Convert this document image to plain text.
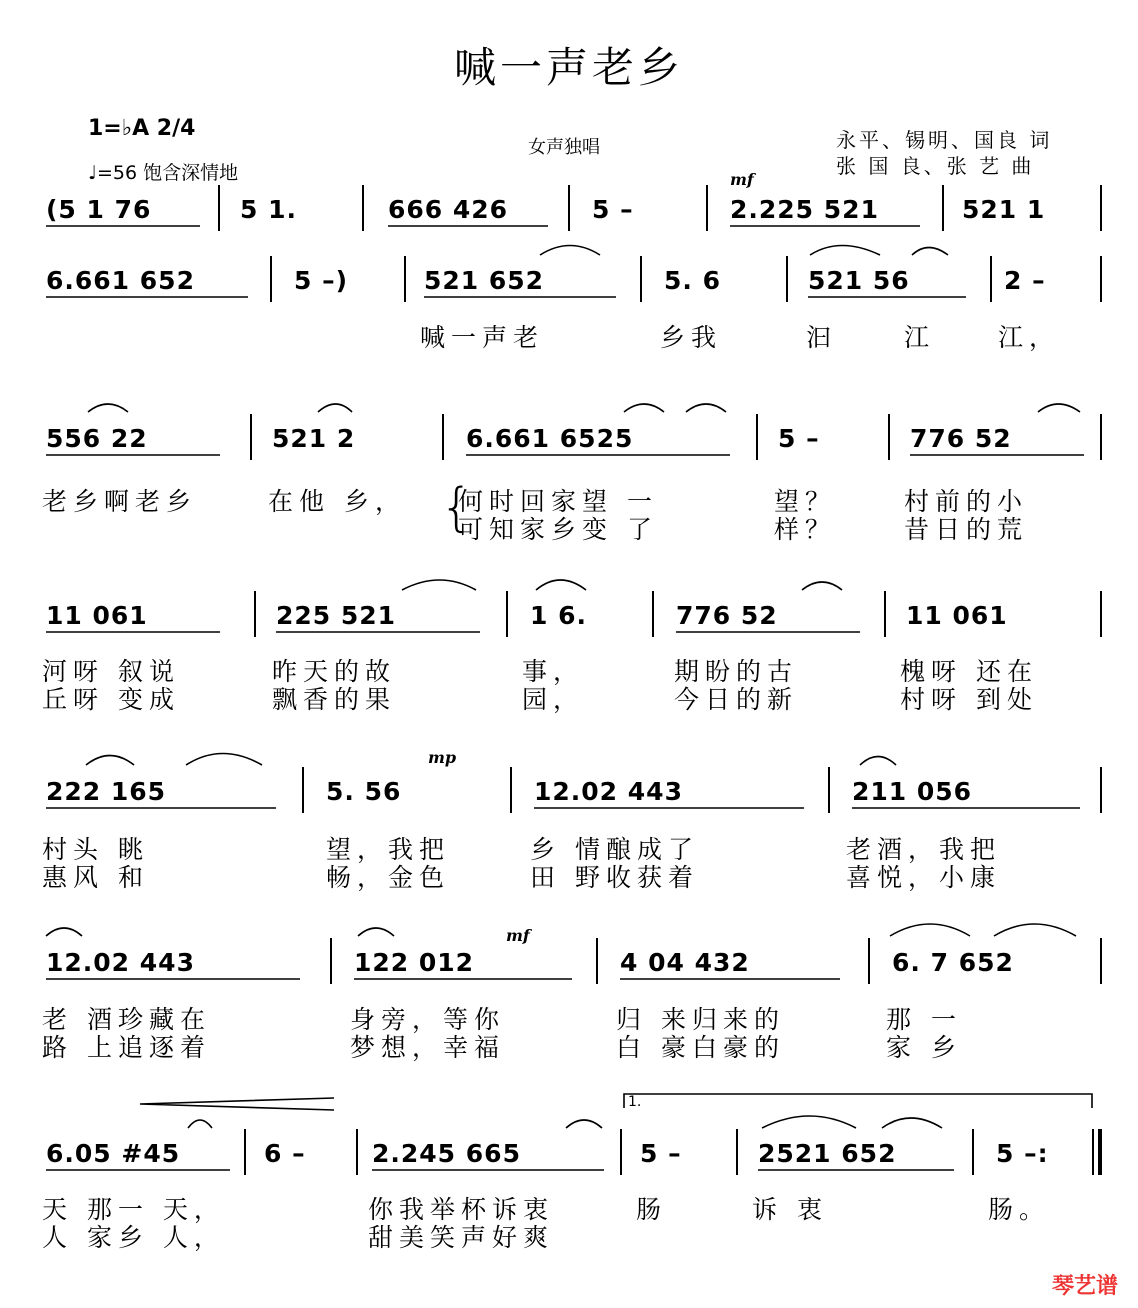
喊一声老乡
1=♭A 2/4
♩=56 饱含深情地
女声独唱	永平、锡明、国良 词
张 国 良、张 艺 曲
mf
mp
mf
1.
(5 1 76	5 1.	666 426	5 –	2.225 521	521 1
6.661 652	5 –)	521 652	5. 6	521 56	2 –
喊一声老	乡我	汩	江	江，
556 22	521 2	6.661 6525	5 –	776 52
老乡啊老乡	在他 乡， 何时回家望 一	望？	村前的小
可知家乡变 了	样？	昔日的荒
{
11 061	225 521	1 6.	776 52	11 061
河呀 叙说	昨天的故	事，	期盼的古	槐呀 还在
丘呀 变成	飘香的果	园，	今日的新	村呀 到处
222 165	5. 56	12.02 443	211 056
村头 眺	望，我把	乡 情酿成了	老酒，我把
惠风 和	畅，金色	田 野收获着	喜悦，小康
12.02 443	122 012	4 04 432	6. 7 652
老 酒珍藏在	身旁，等你	归 来归来的	那 一
路 上追逐着	梦想，幸福	白 豪白豪的	家 乡
6.05 #45	6 –	2.245 665	5 –	2521 652	5 –:
天 那一 天，	你我举杯诉衷	肠	诉 衷	肠。
人 家乡 人，	甜美笑声好爽
琴艺谱
